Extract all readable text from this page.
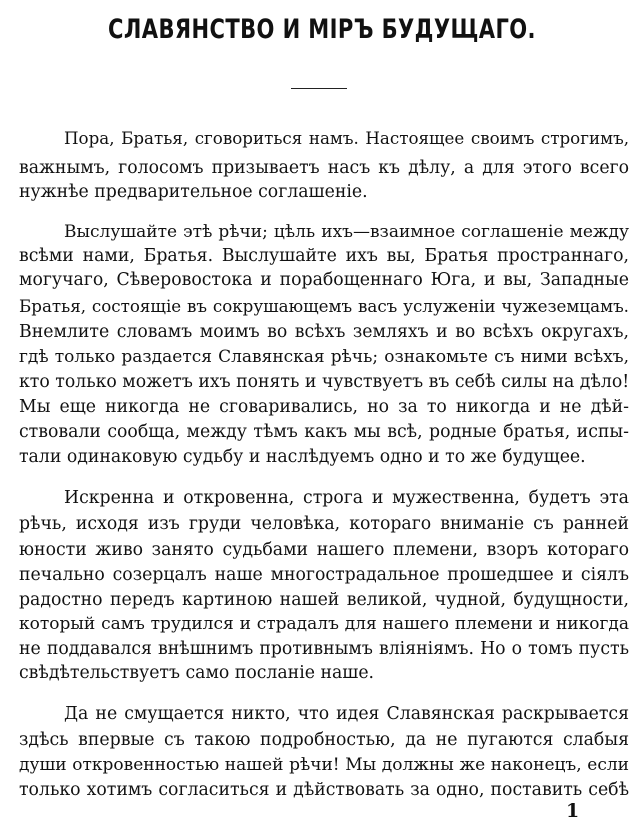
СЛАВЯНСТВО И МІРЪ БУДУЩАГО.
Пора, Братья, сговориться намъ. Настоящее своимъ строгимъ,
важнымъ, голосомъ призываетъ насъ къ дѣлу, а для этого всего
нужнѣе предварительное соглашеніе.
Выслушайте этѣ рѣчи; цѣль ихъ—взаимное соглашеніе между
всѣми нами, Братья. Выслушайте ихъ вы, Братья пространнаго,
могучаго, Сѣверовостока и порабощеннаго Юга, и вы, Западные
Братья, состоящіе въ сокрушающемъ васъ услуженіи чужеземцамъ.
Внемлите словамъ моимъ во всѣхъ земляхъ и во всѣхъ округахъ,
гдѣ только раздается Славянская рѣчь; ознакомьте съ ними всѣхъ,
кто только можетъ ихъ понять и чувствуетъ въ себѣ силы на дѣло!
Мы еще никогда не сговаривались, но за то никогда и не дѣй-
ствовали сообща, между тѣмъ какъ мы всѣ, родные братья, испы-
тали одинаковую судьбу и наслѣдуемъ одно и то же будущее.
Искренна и откровенна, строга и мужественна, будетъ эта
рѣчь, исходя изъ груди человѣка, котораго вниманіе съ ранней
юности живо занято судьбами нашего племени, взоръ котораго
печально созерцалъ наше многострадальное прошедшее и сіялъ
радостно передъ картиною нашей великой, чудной, будущности,
который самъ трудился и страдалъ для нашего племени и никогда
не поддавался внѣшнимъ противнымъ вліяніямъ. Но о томъ пусть
свѣдѣтельствуетъ само посланіе наше.
Да не смущается никто, что идея Славянская раскрывается
здѣсь впервые съ такою подробностью, да не пугаются слабыя
души откровенностью нашей рѣчи! Мы должны же наконецъ, если
только хотимъ согласиться и дѣйствовать за одно, поставить себѣ
1
